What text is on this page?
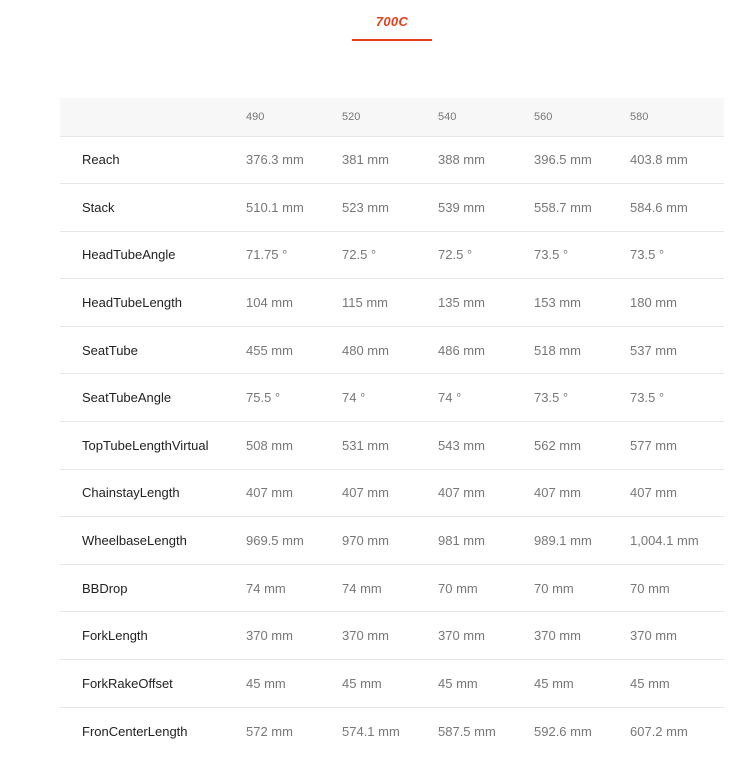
700C
	490	520	540	560	580
Reach	376.3 mm	381 mm	388 mm	396.5 mm	403.8 mm
Stack	510.1 mm	523 mm	539 mm	558.7 mm	584.6 mm
HeadTubeAngle	71.75 °	72.5 °	72.5 °	73.5 °	73.5 °
HeadTubeLength	104 mm	115 mm	135 mm	153 mm	180 mm
SeatTube	455 mm	480 mm	486 mm	518 mm	537 mm
SeatTubeAngle	75.5 °	74 °	74 °	73.5 °	73.5 °
TopTubeLengthVirtual	508 mm	531 mm	543 mm	562 mm	577 mm
ChainstayLength	407 mm	407 mm	407 mm	407 mm	407 mm
WheelbaseLength	969.5 mm	970 mm	981 mm	989.1 mm	1,004.1 mm
BBDrop	74 mm	74 mm	70 mm	70 mm	70 mm
ForkLength	370 mm	370 mm	370 mm	370 mm	370 mm
ForkRakeOffset	45 mm	45 mm	45 mm	45 mm	45 mm
FronCenterLength	572 mm	574.1 mm	587.5 mm	592.6 mm	607.2 mm
